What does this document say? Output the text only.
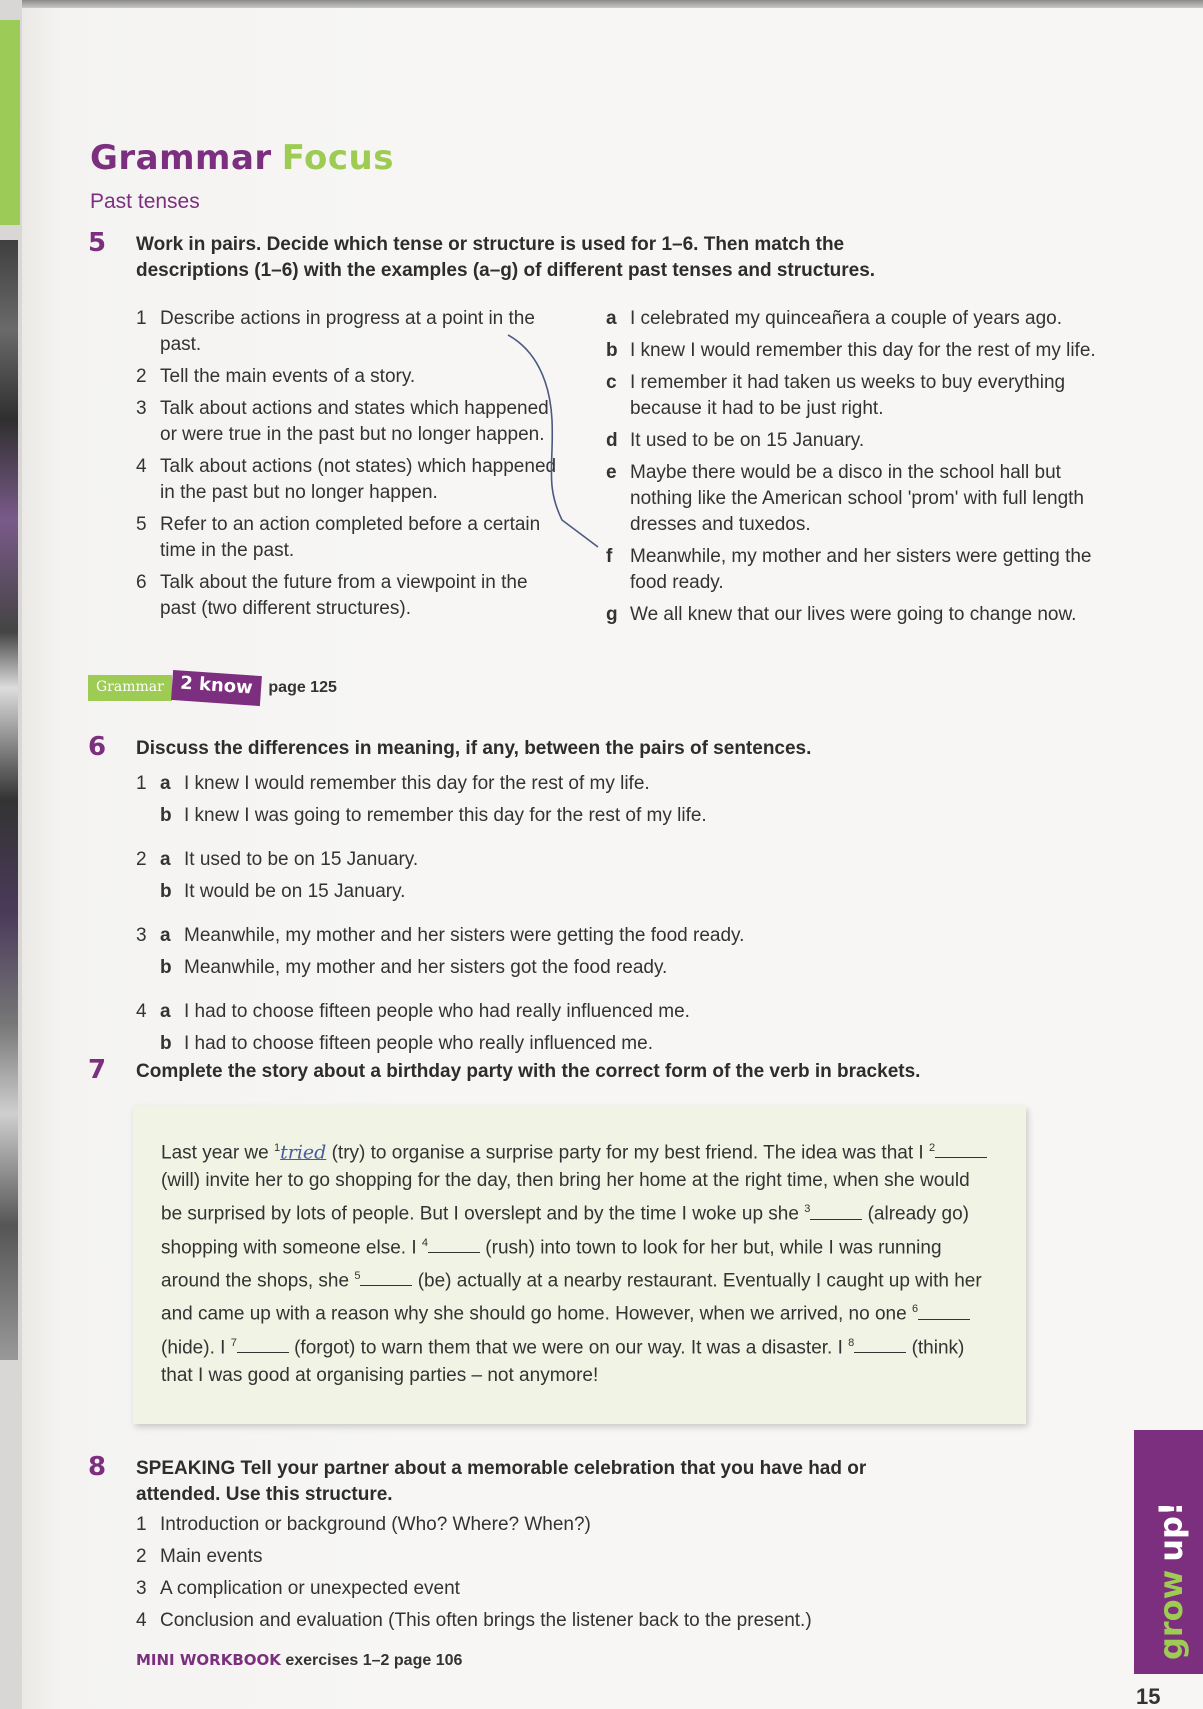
Grammar Focus
Past tenses
5 Work in pairs. Decide which tense or structure is used for 1–6. Then match the descriptions (1–6) with the examples (a–g) of different past tenses and structures.
1 Describe actions in progress at a point in the past.
2 Tell the main events of a story.
3 Talk about actions and states which happened or were true in the past but no longer happen.
4 Talk about actions (not states) which happened in the past but no longer happen.
5 Refer to an action completed before a certain time in the past.
6 Talk about the future from a viewpoint in the past (two different structures).
a I celebrated my quinceañera a couple of years ago.
b I knew I would remember this day for the rest of my life.
c I remember it had taken us weeks to buy everything because it had to be just right.
d It used to be on 15 January.
e Maybe there would be a disco in the school hall but nothing like the American school 'prom' with full length dresses and tuxedos.
f Meanwhile, my mother and her sisters were getting the food ready.
g We all knew that our lives were going to change now.
Grammar 2 know page 125
6 Discuss the differences in meaning, if any, between the pairs of sentences.
1 a I knew I would remember this day for the rest of my life.
b I knew I was going to remember this day for the rest of my life.
2 a It used to be on 15 January.
b It would be on 15 January.
3 a Meanwhile, my mother and her sisters were getting the food ready.
b Meanwhile, my mother and her sisters got the food ready.
4 a I had to choose fifteen people who had really influenced me.
b I had to choose fifteen people who really influenced me.
7 Complete the story about a birthday party with the correct form of the verb in brackets.
Last year we $^1$tried (try) to organise a surprise party for my best friend. The idea was that I $^2$ (will) invite her to go shopping for the day, then bring her home at the right time, when she would be surprised by lots of people. But I overslept and by the time I woke up she $^3$	(already go) shopping with someone else. I $^4$	(rush) into town to look for her but, while I was running around the shops, she $^5$	(be) actually at a nearby restaurant. Eventually I caught up with her and came up with a reason why she should go home. However, when we arrived, no one $^6$ (hide). I $^7$	(forgot) to warn them that we were on our way. It was a disaster. I $^8$	(think) that I was good at organising parties – not anymore!
8 SPEAKING Tell your partner about a memorable celebration that you have had or attended. Use this structure.
1 Introduction or background (Who? Where? When?)
2 Main events
3 A complication or unexpected event
4 Conclusion and evaluation (This often brings the listener back to the present.)
MINI WORKBOOK exercises 1–2 page 106
growup!
15
